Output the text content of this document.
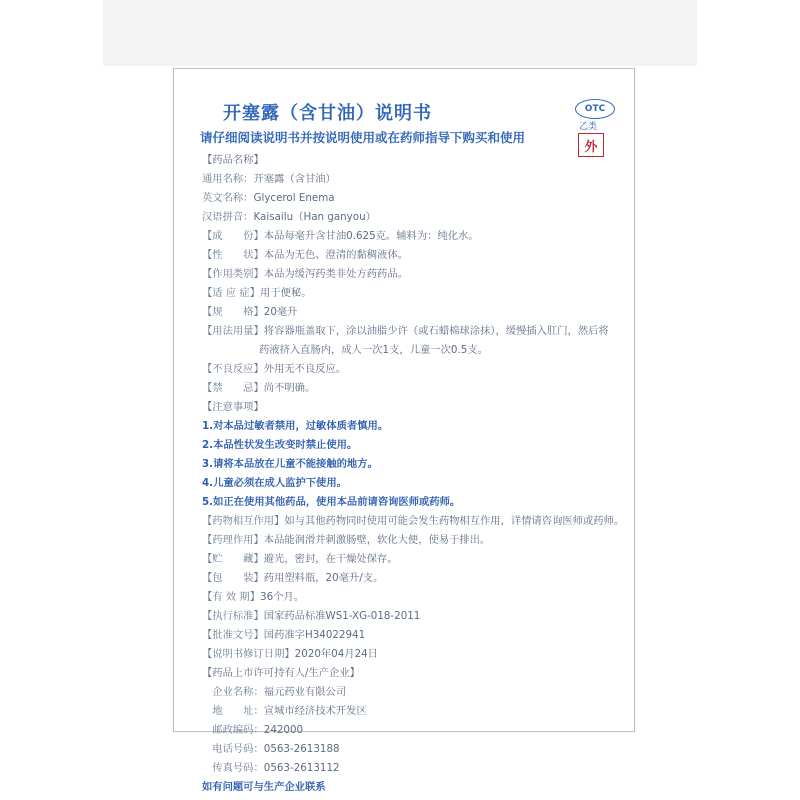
开塞露（含甘油）说明书
请仔细阅读说明书并按说明使用或在药师指导下购买和使用
OTC
乙类
外
【药品名称】
通用名称：开塞露（含甘油）
英文名称：Glycerol Enema
汉语拼音：Kaisailu（Han ganyou）
【成　　份】本品每毫升含甘油0.625克。辅料为：纯化水。
【性　　状】本品为无色、澄清的黏稠液体。
【作用类别】本品为缓泻药类非处方药药品。
【适 应 症】用于便秘。
【规　　格】20毫升
【用法用量】将容器瓶盖取下，涂以油脂少许（或石蜡棉球涂抹），缓慢插入肛门，然后将
药液挤入直肠内，成人一次1支，儿童一次0.5支。
【不良反应】外用无不良反应。
【禁　　忌】尚不明确。
【注意事项】
1.对本品过敏者禁用，过敏体质者慎用。
2.本品性状发生改变时禁止使用。
3.请将本品放在儿童不能接触的地方。
4.儿童必须在成人监护下使用。
5.如正在使用其他药品，使用本品前请咨询医师或药师。
【药物相互作用】如与其他药物同时使用可能会发生药物相互作用，详情请咨询医师或药师。
【药理作用】本品能润滑并刺激肠壁，软化大便，使易于排出。
【贮　　藏】避光，密封，在干燥处保存。
【包　　装】药用塑料瓶，20毫升/支。
【有 效 期】36个月。
【执行标准】国家药品标准WS1-XG-018-2011
【批准文号】国药准字H34022941
【说明书修订日期】2020年04月24日
【药品上市许可持有人/生产企业】
　企业名称：福元药业有限公司
　地　　址：宣城市经济技术开发区
　邮政编码：242000
　电话号码：0563-2613188
　传真号码：0563-2613112
如有问题可与生产企业联系
